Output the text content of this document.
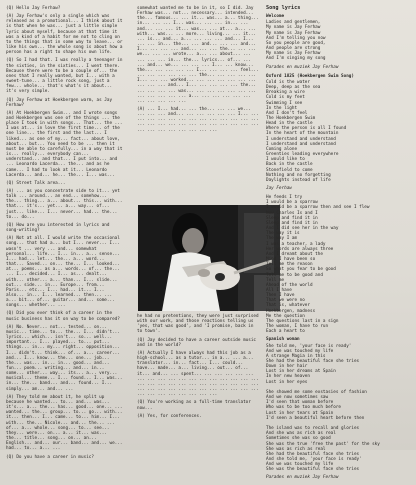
(Q) Hello Jay Ferhaw?

(A) Jay Ferhaw's only a single which was released as a promotional... I think about it is that when he was... just a little simple lyric about myself, because at that time it was a kind of a habit for me not to cling on to the things that in some way to leave... or like his own... the whole song is about how a person has a right to shape his own life.

(Q) So I had that. I was really a teenager in the sixties, in the sixties... I went there. Because there were to be a couple of... the ones that I really wanted, but I... with a sweet-tune... a little rock song, just a few... whole... that's what's it about... it's very simple.

(Q) Jay Ferhaw at Hoekbergen warm, as Jay Ferhaw?

(A) At Hoekbergen Swim... and I wrote songs and Hoekbergen was one of the things ... the place I took in with songs... That... the ... I was at... in love the first time... of the one line... the first and the last... I liked... as one of my... fact... about love, about... but... You need to be ... then it must be able to carefully... in a way that it is... really... everybody can... understand... and that... I put into... and ... Leonardo Lacerda... the... and as he came... I had to look at it... Leonardo Lacerda... and... he... the... I... was...

(Q) Street Talk area...

(A) ... as you concentrate side to it... yet talk ... around... an end... somehow... the... thing... a... about... this... with... that... it's... yet... a... way... of... just... like... I... never... had... the... to... do...

(Q) How are you interested in lyrics and song-writing?

(A) Not at all. I would write the occasional song... that had a... but I... never... I... wasn't ... very ... and... somewhat personal... life... I... in... a... sense... I... had... let... the... a... word... that... Saved... on... the... I... looked... at... poems... as a... words... of... the... ... I... decided... I... as... dealt... with... other... a... than... I... slide... out... side... in... Europe... from... Paris... etc... I... had... it... I... also... in... I... learned... then... ... a... bit... of... guitar... and... some... songs... whether... ...

(Q) Did you ever think of a career in the music business has it on way to be compared?

(A) No. Never... not... tested... on... music... time... to... the... I... didn't... lyrics... which... isn't... so... well... important... I... played... to... put... things... in... my... right... opposition... I... didn't... think... of... a... career... and... I... know... the... one... job... the... was... in... in... good... and... fun... poem... writing... and... in... some... other... way... its... a... very... musical... theme... I... found... I... was... in... the... band... and... found... I... simply... am... and... ...

(A) They told me about it, he split up because he wanted... to... and... was... it's... a... the... has... good... one... ... wanted... the... group... to... go... with... it... then... I... came... to... him... I... with... the... Nicole... and... the... ... of... a... whole... song... to... see... they... were... on... a... it... was... the... title... song... on... an... English... and... our... band... and... we... had... to... a... ...

(Q) Do you have a career in music?

somewhat wanted me to be in it, so I did. Jay Ferhaw was... not... necessary... intended... the... famous... ... it... was... a... thing... in... ... ... I... was... ... ... in... ... and... ... ... it... was... ... at... a... ... with... was... ... more... living... ... it... ... is... and... a... ... ... ... and... I... ... ... in... the... ... and... ... ... and... I... ... ... ... and... ... ... the... ... ... we... ... ... wrote... a... ... about... ... ... ... ... in... the... lyrics... of... ... ... and... we... ... ... ... I... ... know... the... ... ... ... ... I... ... ... ... feel... ... ... ... ... ... ... the... ... ... ... ... I... ... ... worked... ... ... ... ... ... ... ... ... ... and... I... ... ... ... ... the... ... ... ... ... was... ... ... ... ... ... ... ... ... ... ... ... a... ... ... ... ... ... ... ... ... ... ...

(A) ... I... had... ... the... ... ... we... ... ... ... and... ... ... ... ... ... I... ... ... ... ... ... ... ... ... ... ... ... ... ... ... ... ... ... ... ... ... ... ... ... ... ... ... ... ... ... ... ... ... ...

he had no pretentions, they were just surprised with our work, and those reactions telling us 'yes, that was good', and 'I promise, back in to town'.

(Q) Jay decided to have a career outside music and in the world?

(A) Actually I have always had this job as a high-school... as a tutor... in a... ... a... translator... in... fact... I... could... have... made... a... living... out... of... it... and... ... spent... ... ... ... ... ... ... ... ... ... ... ... ... ... ... ... ... ... ... ... ... ... ... ... ... ... ... ... ... ... ... ... ... ... ... ... ... ... ... ... ... ... ... ... ... ... ... ... ... ...

(Q) You're working as a full-time translator now...

(A) Yes, for conferences.

Song lyrics
Welcome
Ladies and gentlemen,
My name is Jay Ferhaw
My name is Jay Ferhaw
And I'm telling you now
So you people are good,
And people are strong
My name is Jay Ferhaw
And I'm singing my song
Parades en muziek Jay Ferhaw
Oxford 1825 (Hoekbergen Swim Song)
Cold is the water
Deep, deep as the sea
Breaking a wire
Cold is my feet
Swimming I see
In the light
And I don't feel
The Hoekbergen Swim
Head in the castle
Where the person is all I found
In the heart of the mountain
I understand and understand
I understand and understand
Coming alone
Greenties leading everywhere
I would like to
Back in the castle
Stonefield to come
Nothing and no forgetting
Daylights instead of life
Jay Ferhaw
He feeds I try
I would be a sparrow
I would be a sparrow then and see I flew
Now Charles Is and I
Sleep and find it in
Sleep and find it in
And I did see her in the way
The way it is
The way I am
I was a teacher, a lady
Her words are always three
And I dreamt about the
Mind I have been so
Tell me the reason
So what you fear to be good
Tell me to be good and
Tell me
Ahead of the world
All I have
Then I have
That we were no
That is, whatever
Hoekbergen, madness
Me the question
The questions last in a sign
The woman, I have to run
Each a heart to
Spanish woman
She told me, 'your face is ready'
And we was touched my life
A strange Magia in this
She had the beautiful face she tries
Down in her hair
Lost in her dreams at Spain
In her new heaven
Lost in her eyes

She showed me some exstasies of fashion
And we now sometimes saw
I'd seen that woman before
Who was to be too much before
Lost in her tears at Spain
I'd seen a beautiful heart before then

The island was to recall and glories
And she was as rich as real
Sometimes she was so good
She was the true 'free the past' for the sky
She was as rich as real
She had the beautiful face she tries
And she told me, 'your face is ready'
And we was touched my life
She was the beautiful face she tries
Parades en muziek Jay Ferhaw
